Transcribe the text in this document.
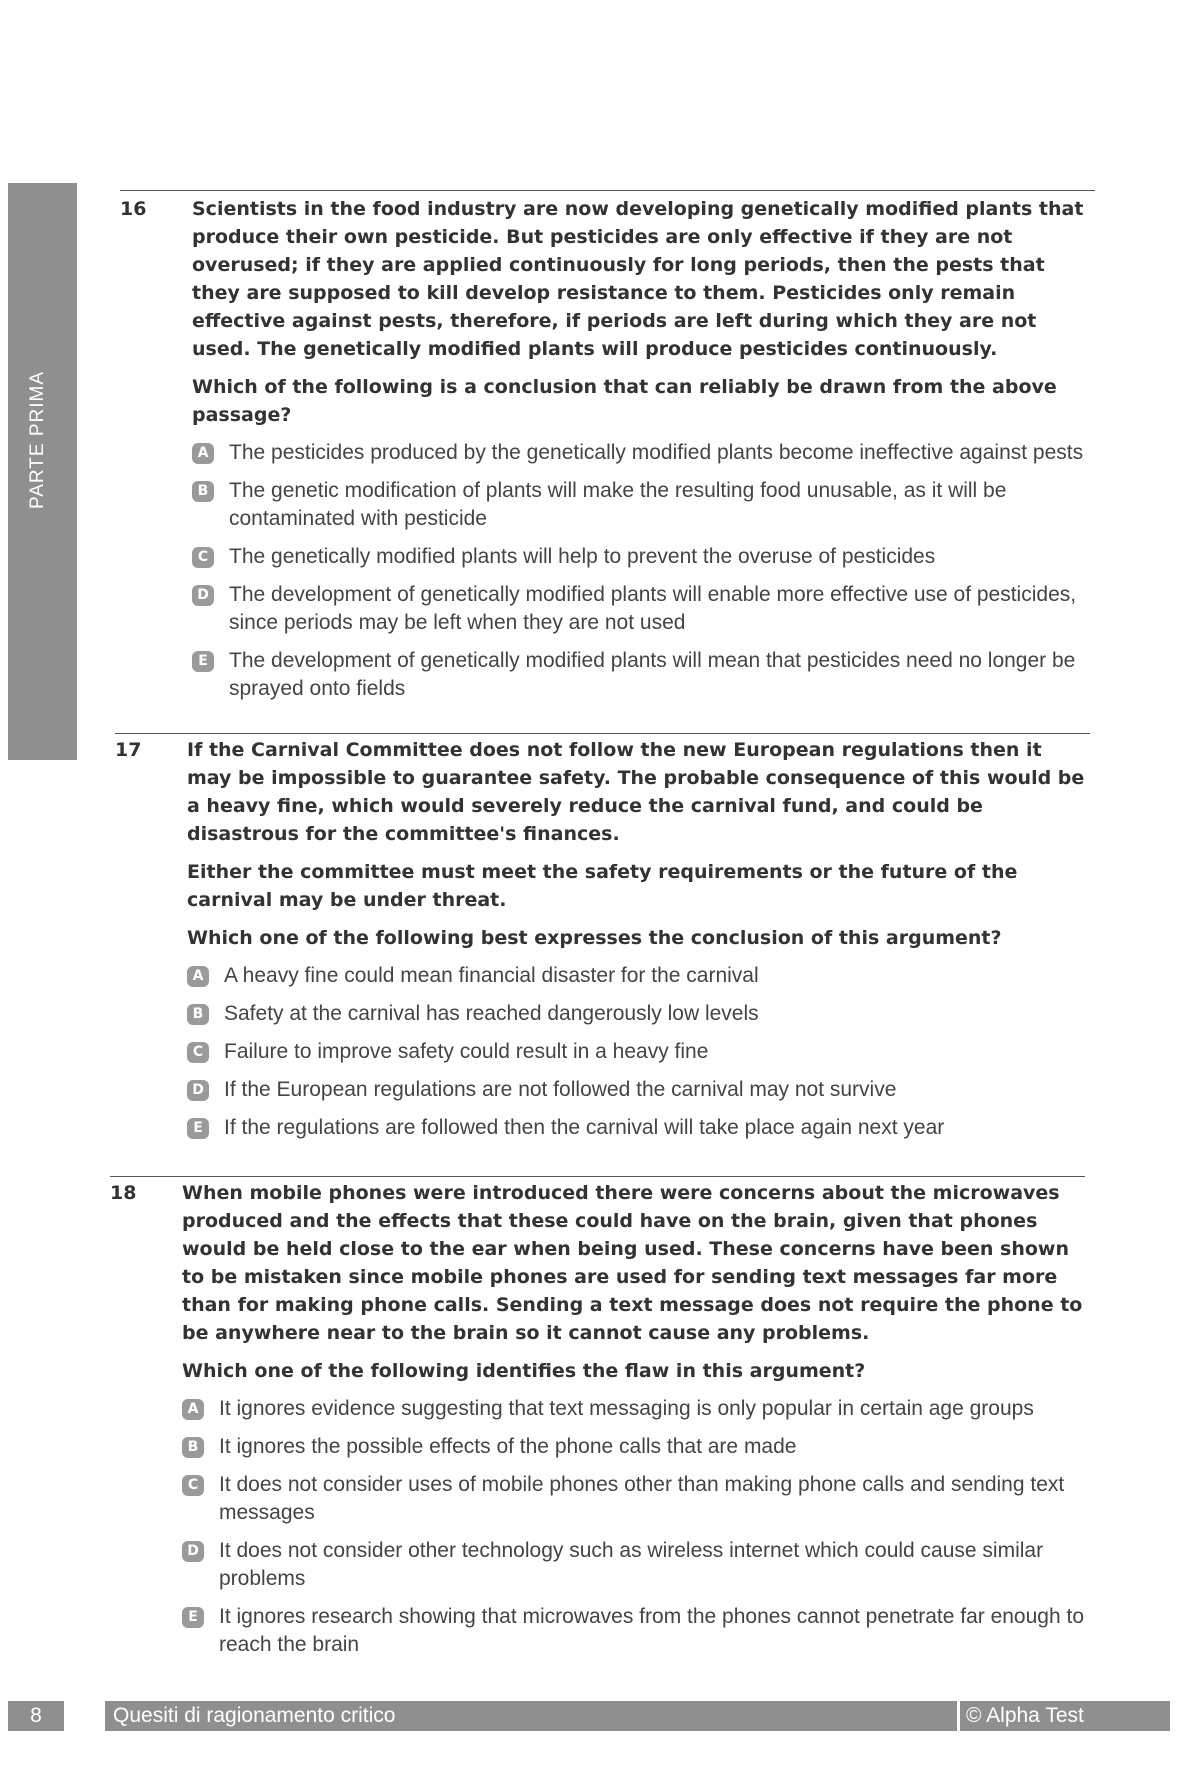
PARTE PRIMA
16 Scientists in the food industry are now developing genetically modified plants that produce their own pesticide. But pesticides are only effective if they are not overused; if they are applied continuously for long periods, then the pests that they are supposed to kill develop resistance to them. Pesticides only remain effective against pests, therefore, if periods are left during which they are not used. The genetically modified plants will produce pesticides continuously.

Which of the following is a conclusion that can reliably be drawn from the above passage?

A The pesticides produced by the genetically modified plants become ineffective against pests
B The genetic modification of plants will make the resulting food unusable, as it will be contaminated with pesticide
C The genetically modified plants will help to prevent the overuse of pesticides
D The development of genetically modified plants will enable more effective use of pesticides, since periods may be left when they are not used
E The development of genetically modified plants will mean that pesticides need no longer be sprayed onto fields
17 If the Carnival Committee does not follow the new European regulations then it may be impossible to guarantee safety. The probable consequence of this would be a heavy fine, which would severely reduce the carnival fund, and could be disastrous for the committee's finances.

Either the committee must meet the safety requirements or the future of the carnival may be under threat.

Which one of the following best expresses the conclusion of this argument?

A A heavy fine could mean financial disaster for the carnival
B Safety at the carnival has reached dangerously low levels
C Failure to improve safety could result in a heavy fine
D If the European regulations are not followed the carnival may not survive
E If the regulations are followed then the carnival will take place again next year
18 When mobile phones were introduced there were concerns about the microwaves produced and the effects that these could have on the brain, given that phones would be held close to the ear when being used. These concerns have been shown to be mistaken since mobile phones are used for sending text messages far more than for making phone calls. Sending a text message does not require the phone to be anywhere near to the brain so it cannot cause any problems.

Which one of the following identifies the flaw in this argument?

A It ignores evidence suggesting that text messaging is only popular in certain age groups
B It ignores the possible effects of the phone calls that are made
C It does not consider uses of mobile phones other than making phone calls and sending text messages
D It does not consider other technology such as wireless internet which could cause similar problems
E It ignores research showing that microwaves from the phones cannot penetrate far enough to reach the brain
8	Quesiti di ragionamento critico	© Alpha Test
